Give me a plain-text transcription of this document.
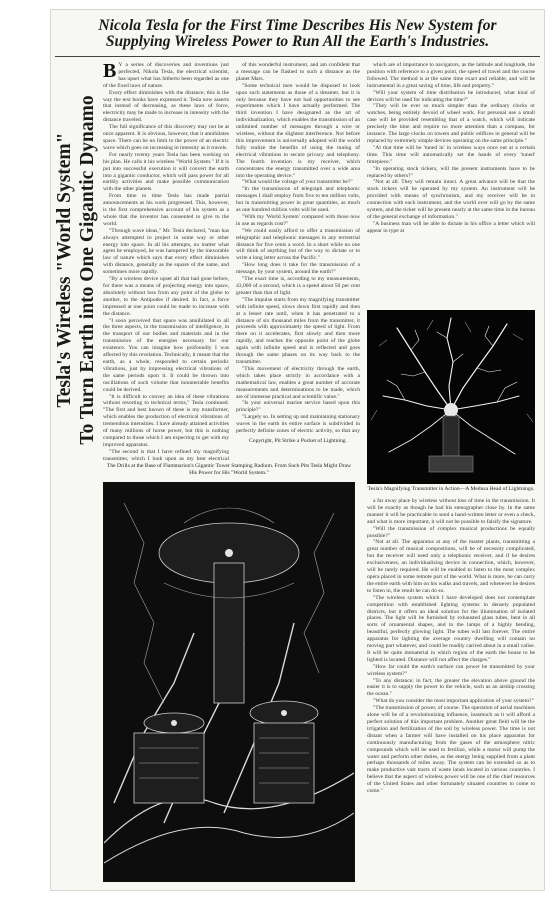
Nicola Tesla for the First Time Describes His New System for
Supplying Wireless Power to Run All the Earth's Industries.
Tesla's Wireless "World System" To Turn Earth into One Gigantic Dynamo
B Y a series of discoveries and inventions just perfected, Nikola Tesla, the electrical scientist, has upset what has hitherto been regarded as one of the fixed laws of nature.

Every effect diminishes with the distance; this is the way the text books have expressed it. Tesla now asserts that instead of decreasing, as these laws of force, electricity may be made to increase in intensity with the distance traveled.

The full significance of this discovery may not be at once apparent. It is obvious, however, that it annihilates space. There can be no limit to the power of an electric wave which goes on increasing in intensity as it travels.

For nearly twenty years Tesla has been working on his plan. He calls it his wireless "World System." If it is put into successful execution it will convert the earth into a gigantic conductor, which will pass power for all earthly activities and make possible communication with the other planets.

From time to time Tesla has made partial announcements as his work progressed. This, however, is the first comprehensive account of his system as a whole that the inventor has consented to give to the world.

"Through wave ideas," Mr. Tesla declared, "man has always attempted to project in some way or other energy into space. In all his attempts, no matter what agent he employed, he was hampered by the inexorable law of nature which says that every effect diminishes with distance, generally as the square of the same, and sometimes more rapidly.

"By a wireless device upset all that had gone before, for there was a means of projecting energy into space, absolutely without loss from any point of the globe to another, to the Antipodes if desired. In fact, a force impressed at one point could be made to increase with the distance.

"I soon perceived that space was annihilated in all the three aspects, in the transmission of intelligence, in the transport of our bodies and materials and in the transmission of the energies necessary for our existence. You can imagine how profoundly I was affected by this revelation. Technically, it meant that the earth, as a whole, responded to certain periodic vibrations, just by impressing electrical vibrations of the same periods upon it. It could be thrown into oscillations of such volume that innumerable benefits could be derived.

"It is difficult to convey an idea of these vibrations without resorting to technical terms," Tesla continued. "The first and best known of these is my transformer, which enables the production of electrical vibrations of tremendous intensities. I have already attained activities of many millions of horse power, but this is nothing compared to those which I am expecting to get with my improved apparatus.

"The second is that I have refined my magnifying transmitter, which I look upon as my best electrical

of this wonderful instrument, and am confident that a message can be flashed to such a distance as the planet Mars.

"Some technical men would be disposed to look upon such statements as those of a dreamer, but it is only because they have not had opportunities to see experiments which I have actually performed. The third invention I have designated as the art of individualization, which enables the transmission of an unlimited number of messages through a wire or wireless, without the slightest interference. Not before this improvement is universally adopted will the world fully realize the benefits of using the tuning of electrical vibrations to secure privacy and telephony. The fourth invention is my receiver, which concentrates the energy transmitted over a wide area into the operating device."

"What would the voltage of your transmitter be?"

"In the transmission of telegraph and telephonic messages I shall employ from five to ten million volts, but in transmitting power in great quantities, as much as one hundred million volts will be used.

"With my 'World System' compared with those now in use as regards cost?"

"We could easily afford to offer a transmission of telegraphic and telephonic messages to any terrestrial distance for five cents a word. In a short while no one will think of anything but of the way to dictate or to write a long letter across the Pacific."

"How long does it take for the transmission of a message, by your system, around the earth?"

"The exact time is, according to my measurements, 43,000 of a second, which is a speed about 50 per cent greater than that of light.

"The impulse starts from my magnifying transmitter with infinite speed, slows down first rapidly and then at a lesser rate until, when it has penetrated to a distance of six thousand miles from the transmitter, it proceeds with approximately the speed of light. From there on it accelerates, first slowly and then more rapidly, and reaches the opposite point of the globe again with infinite speed and is reflected and goes through the same phases on its way back to the transmitter.

"This movement of electricity through the earth, which takes place strictly in accordance with a mathematical law, enables a great number of accurate measurements and determinations to be made, which are of immense practical and scientific value."

"Is your universal marine service based upon this principle?"

"Largely so. In setting up and maintaining stationary waves in the earth its entire surface is subdivided in perfectly definite zones of electric activity, so that any

which are of importance to navigators, as the latitude and longitude, the position with reference to a given point, the speed of travel and the course followed. The method is at the same time exact and reliable, and will be instrumental in a great saving of time, life and property."

"Will your system of time distribution be introduced, what kind of devices will be used for indicating the time?"

"They will be ever so much simpler than the ordinary clocks or watches, being entirely devoid of wheel work. For personal use a small case will be provided resembling that of a watch, which will indicate precisely the time and require no more attention than a compass, for instance. The large clocks on towers and public edifices in general will be replaced by extremely simple devices operating on the same principle."

"At that time will be 'tuned in' in wireless ways once out at a certain time. This time will automatically set the hands of every 'tuned' timepiece."

"In operating stock tickers, will the present instruments have to be replaced by others?"

"Not at all. They will remain intact. A great advance will be that the stock tickers will be operated by my system. An instrument will be provided with means of synchronism, and my receiver will be in connection with each instrument, and the world over will go by the same system, and the ticker will be present nearly at the same time in the bureau of the general exchange of information."

"A business man will be able to dictate in his office a letter which will appear in type at

The Drills at the Base of Flammarion's Gigantic Tower Stamping Radium. From Such Pits Tesla Might Draw His Power for His "World System."
Copyright, Pit Strike a Pocket of Lightning.
Tesla's Magnifying Transmitter in Action—A Medusa Head of Lightnings.

a far away place by wireless without loss of time in the transmission. It will be exactly as though he had his stenographer close by. In the same manner it will be practicable to send a hand-written letter or even a check, and what is more important, it will not be possible to falsify the signature.

"Will the transmission of complex musical productions be equally possible?"

"Not at all. The apparatus at any of the master plants, transmitting a great number of musical compositions, will be of necessity complicated, but the receiver will need only a telephonic receiver, and if he desires exclusiveness, an individualizing device in connection, which, however, will be rarely required. He will be enabled to listen to the most complex opera placed in some remote part of the world. What is more, he can carry the entire earth with him on his walks and travels, and whenever he desires to listen in, the result he can do so.

"The wireless system which I have developed does not contemplate competition with established lighting systems in densely populated districts, but it offers an ideal solution for the illumination of isolated places. The light will be furnished by exhausted glass tubes, bent in all sorts of ornamental shapes, and to the lamps of a highly bending, beautiful, perfectly glowing light. The tubes will last forever. The entire apparatus for lighting the average country dwelling will contain no moving part whatever, and could be readily carried about in a small valise. It will be quite immaterial in which region of the earth the house to be lighted is located. Distance will not affect the charges."

"How far could the earth's surface can power be transmitted by your wireless system?"

"To any distance; in fact, the greater the elevation above ground the easier it is to supply the power to the vehicle, such as an airship crossing the ocean."

"What do you consider the most important application of your system?"

"The transmission of power, of course. The operation of aerial machines alone will be of a revolutionizing influence, inasmuch as it will afford a perfect solution of this important problem. Another great field will be the irrigation and fertilization of the soil by wireless power. The time is not distant when a farmer will have installed on his place apparatus for continuously manufacturing from the gases of the atmosphere nitric compounds which will be used to fertilize, while a motor will pump the water and perform other duties, as the energy being supplied from a plant perhaps thousands of miles away. The system can be extended so as to make productive vast tracts of waste lands located in various countries. I believe that the aspect of wireless power will be one of the chief resources of the United States and other fortunately situated countries to come to come."
